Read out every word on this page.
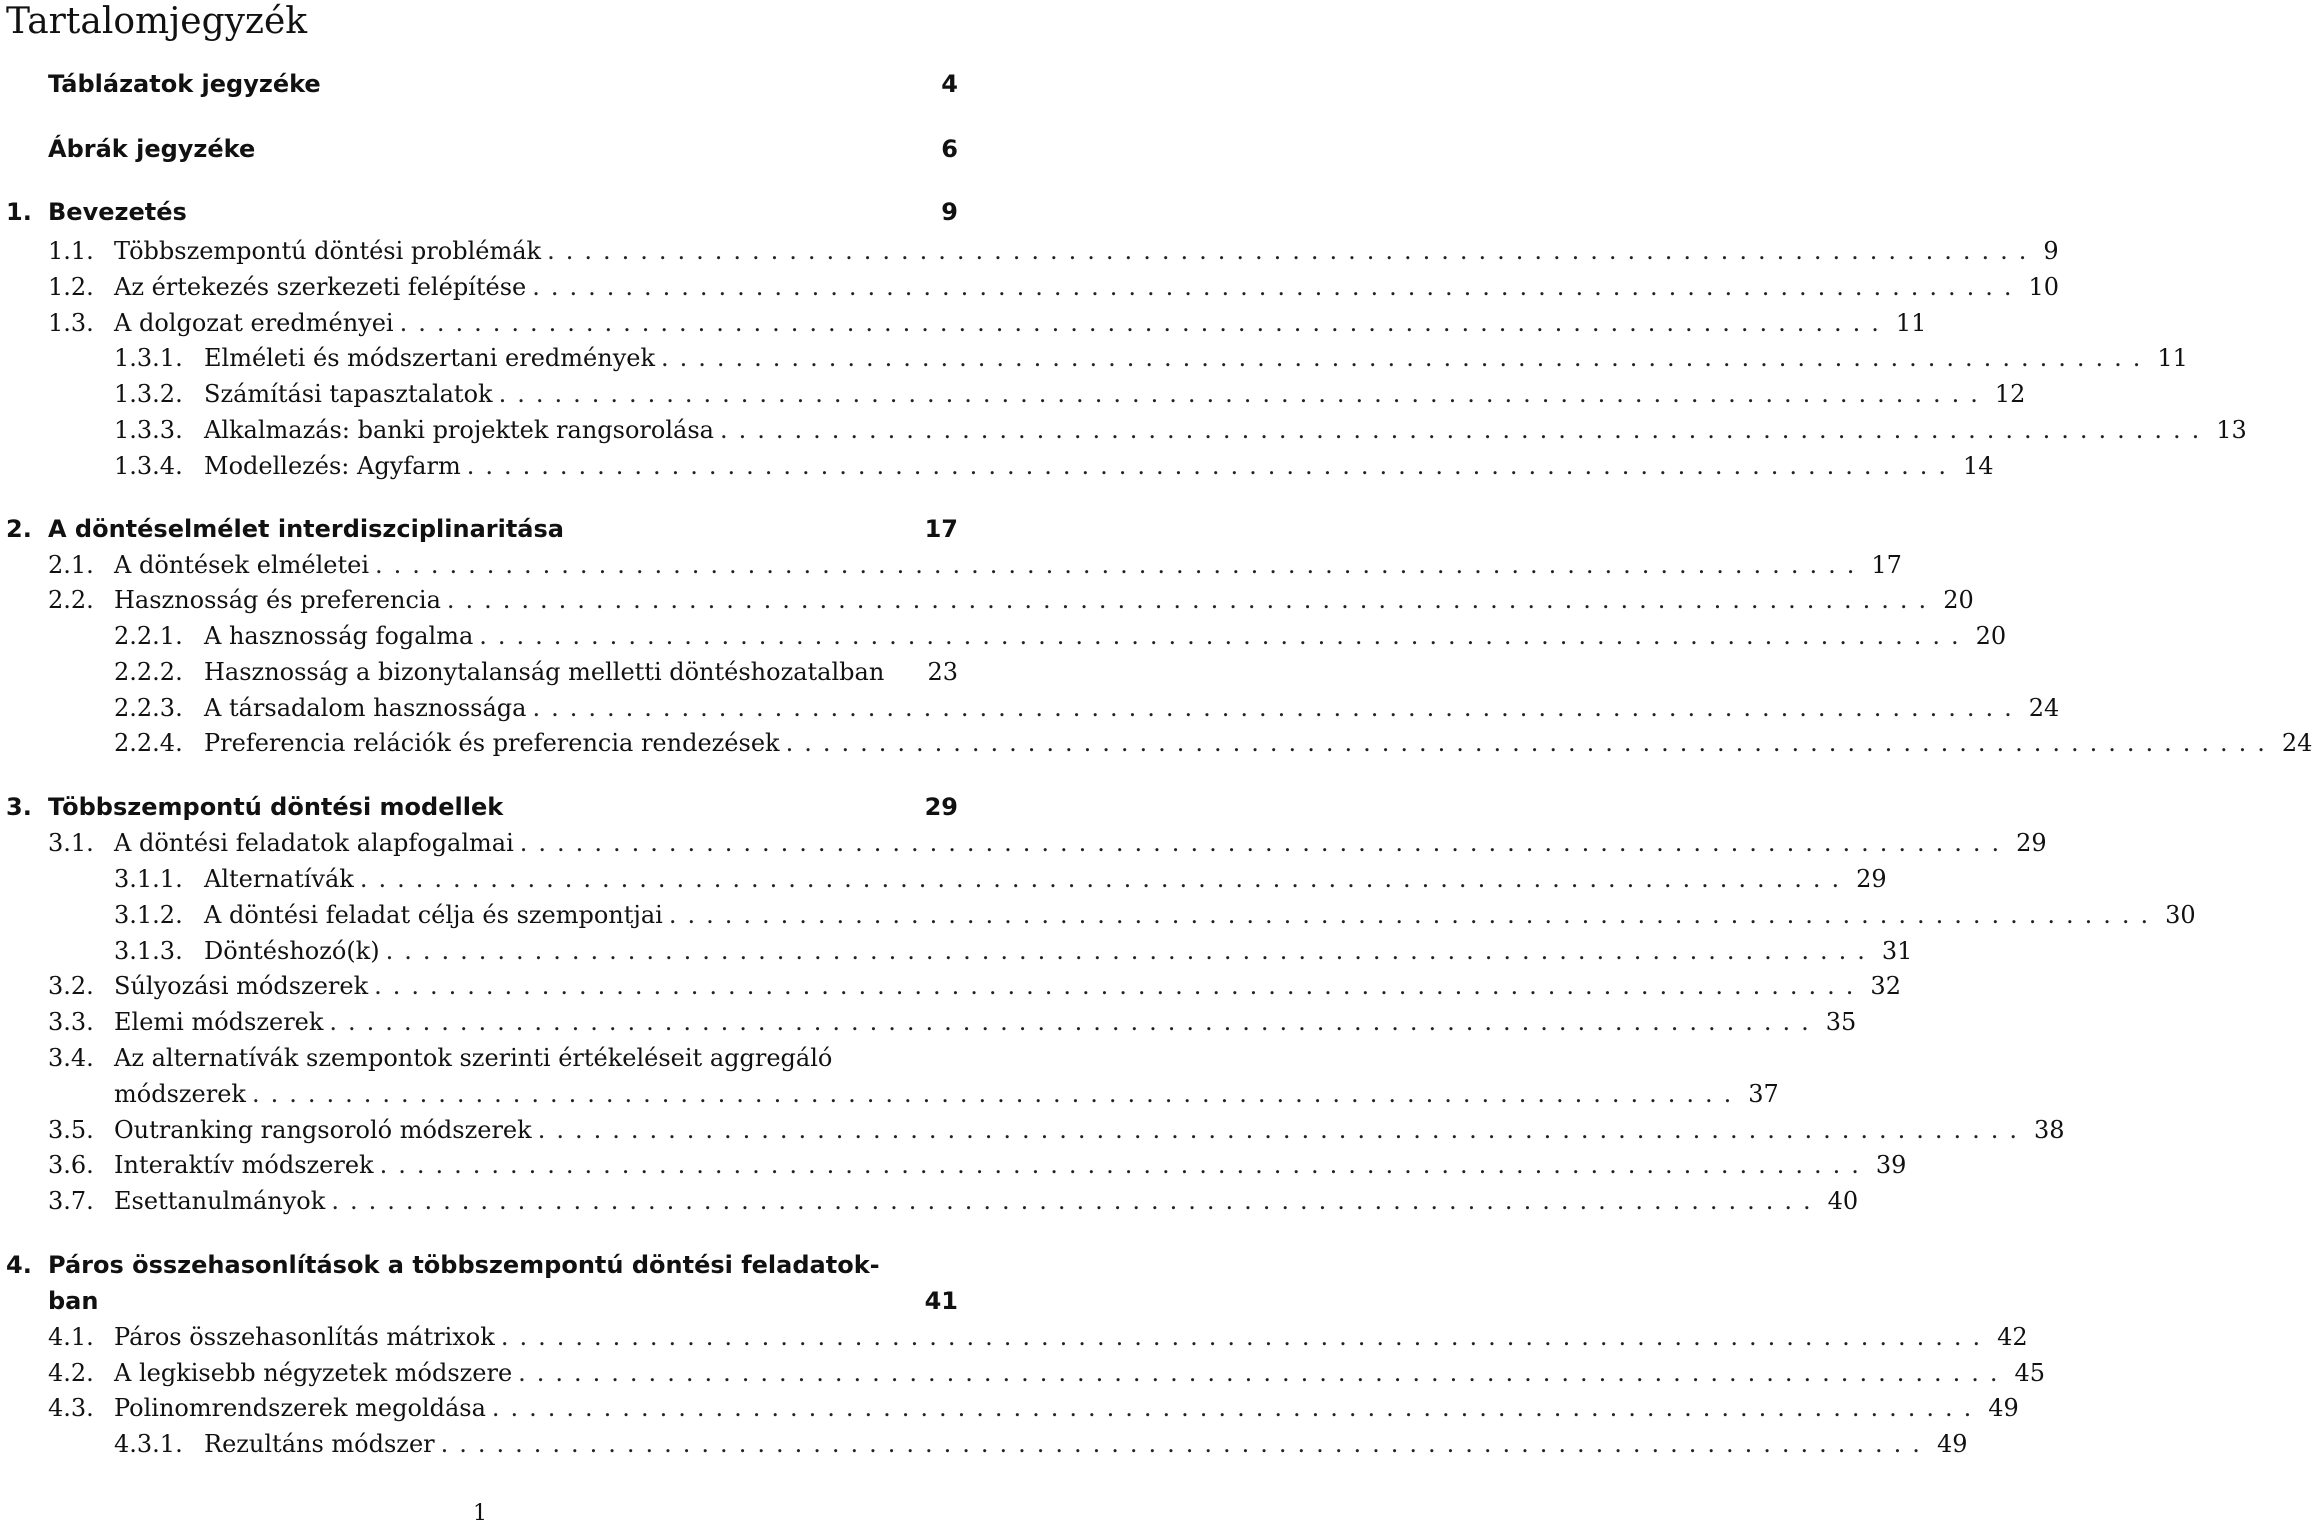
Tartalomjegyzék
Táblázatok jegyzéke	4
Ábrák jegyzéke	6
1. Bevezetés	9
1.1. Többszempontú döntési problémák ................................................................................ 9
1.2. Az értekezés szerkezeti felépítése ................................................................................ 10
1.3. A dolgozat eredményei ................................................................................ 11
1.3.1. Elméleti és módszertani eredmények ................................................................................ 11
1.3.2. Számítási tapasztalatok ................................................................................ 12
1.3.3. Alkalmazás: banki projektek rangsorolása ................................................................................ 13
1.3.4. Modellezés: Agyfarm ................................................................................ 14
2. A döntéselmélet interdiszciplinaritása	17
2.1. A döntések elméletei ................................................................................ 17
2.2. Hasznosság és preferencia ................................................................................ 20
2.2.1. A hasznosság fogalma ................................................................................ 20
2.2.2. Hasznosság a bizonytalanság melletti döntéshozatalban 23
2.2.3. A társadalom hasznossága ................................................................................ 24
2.2.4. Preferencia relációk és preferencia rendezések ................................................................................ 24
3. Többszempontú döntési modellek	29
3.1. A döntési feladatok alapfogalmai ................................................................................ 29
3.1.1. Alternatívák ................................................................................ 29
3.1.2. A döntési feladat célja és szempontjai ................................................................................ 30
3.1.3. Döntéshozó(k) ................................................................................ 31
3.2. Súlyozási módszerek ................................................................................ 32
3.3. Elemi módszerek ................................................................................ 35
3.4. Az alternatívák szempontok szerinti értékeléseit aggregáló
módszerek ................................................................................ 37
3.5. Outranking rangsoroló módszerek ................................................................................ 38
3.6. Interaktív módszerek ................................................................................ 39
3.7. Esettanulmányok ................................................................................ 40
4. Páros összehasonlítások a többszempontú döntési feladatok-
ban	41
4.1. Páros összehasonlítás mátrixok ................................................................................ 42
4.2. A legkisebb négyzetek módszere ................................................................................ 45
4.3. Polinomrendszerek megoldása ................................................................................ 49
4.3.1. Rezultáns módszer ................................................................................ 49
1
